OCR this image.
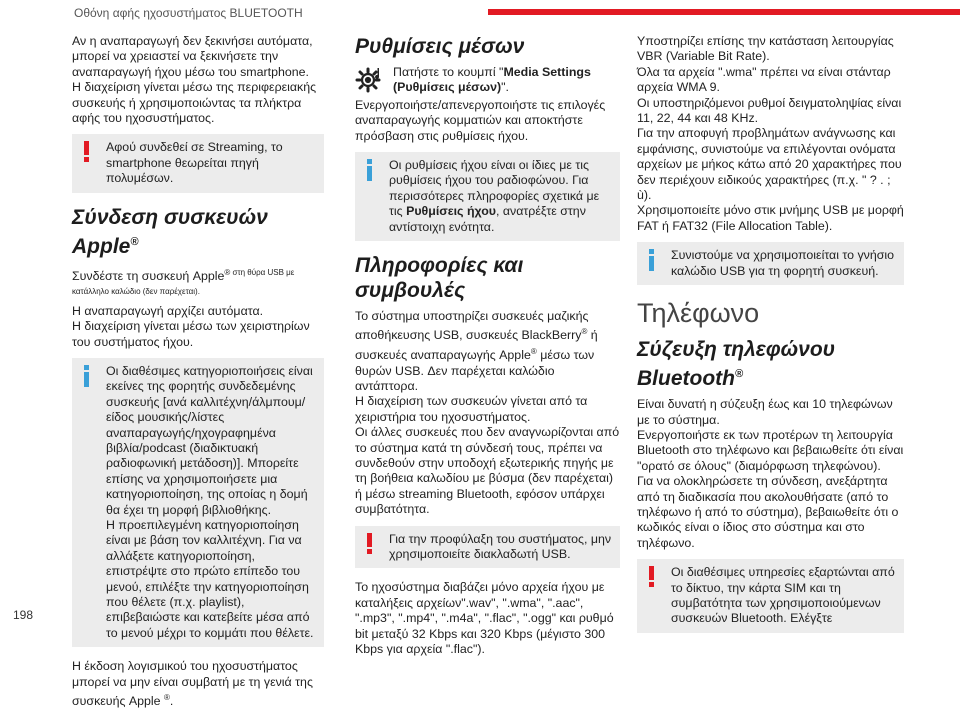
Οθόνη αφής ηχοσυστήματος BLUETOOTH
198

Αν η αναπαραγωγή δεν ξεκινήσει αυτόματα, μπορεί να χρειαστεί να ξεκινήσετε την αναπαραγωγή ήχου μέσω του smartphone.
Η διαχείριση γίνεται μέσω της περιφερειακής συσκευής ή χρησιμοποιώντας τα πλήκτρα αφής του ηχοσυστήματος.

Αφού συνδεθεί σε Streaming, το smartphone θεωρείται πηγή πολυμέσων.
Σύνδεση συσκευών Apple®

Συνδέστε τη συσκευή Apple$^{® \sigma\tau\eta \theta ύ\rho\alpha USB \mu\varepsilon \kappa\alpha\tau ά\lambda\lambda\eta\lambda o \kappa\alpha\lambda ώ\delta\iota o (\delta\varepsilon\nu \pi\alpha\rho έ\chi\varepsilon\tau\alpha\iota).}$
Η αναπαραγωγή αρχίζει αυτόματα.
Η διαχείριση γίνεται μέσω των χειριστηρίων του συστήματος ήχου.

Οι διαθέσιμες κατηγοριοποιήσεις είναι εκείνες της φορητής συνδεδεμένης συσκευής [ανά καλλιτέχνη/άλμπουμ/είδος μουσικής/λίστες αναπαραγωγής/ηχογραφημένα βιβλία/podcast (διαδικτυακή ραδιοφωνική μετάδοση)]. Μπορείτε επίσης να χρησιμοποιήσετε μια κατηγοριοποίηση, της οποίας η δομή θα έχει τη μορφή βιβλιοθήκης.
Η προεπιλεγμένη κατηγοριοποίηση είναι με βάση τον καλλιτέχνη. Για να αλλάξετε κατηγοριοποίηση, επιστρέψτε στο πρώτο επίπεδο του μενού, επιλέξτε την κατηγοριοποίηση που θέλετε (π.χ. playlist), επιβεβαιώστε και κατεβείτε μέσα από το μενού μέχρι το κομμάτι που θέλετε.

Η έκδοση λογισμικού του ηχοσυστήματος μπορεί να μην είναι συμβατή με τη γενιά της συσκευής Apple ®.

Ρυθμίσεις μέσων
Πατήστε το κουμπί "Media Settings (Ρυθμίσεις μέσων)".

Ενεργοποιήστε/απενεργοποιήστε τις επιλογές αναπαραγωγής κομματιών και αποκτήστε πρόσβαση στις ρυθμίσεις ήχου.

Οι ρυθμίσεις ήχου είναι οι ίδιες με τις ρυθμίσεις ήχου του ραδιοφώνου. Για περισσότερες πληροφορίες σχετικά με τις Ρυθμίσεις ήχου, ανατρέξτε στην αντίστοιχη ενότητα.
Πληροφορίες και συμβουλές

Το σύστημα υποστηρίζει συσκευές μαζικής αποθήκευσης USB, συσκευές BlackBerry® ή συσκευές αναπαραγωγής Apple® μέσω των θυρών USB. Δεν παρέχεται καλώδιο αντάπτορα.
Η διαχείριση των συσκευών γίνεται από τα χειριστήρια του ηχοσυστήματος.
Οι άλλες συσκευές που δεν αναγνωρίζονται από το σύστημα κατά τη σύνδεσή τους, πρέπει να συνδεθούν στην υποδοχή εξωτερικής πηγής με τη βοήθεια καλωδίου με βύσμα (δεν παρέχεται) ή μέσω streaming Bluetooth, εφόσον υπάρχει συμβατότητα.

Για την προφύλαξη του συστήματος, μην χρησιμοποιείτε διακλαδωτή USB.

Το ηχοσύστημα διαβάζει μόνο αρχεία ήχου με καταλήξεις αρχείων".wav", ".wma", ".aac", ".mp3", ".mp4", ".m4a", ".flac", ".ogg" και ρυθμό bit μεταξύ 32 Kbps και 320 Kbps (μέγιστο 300 Kbps για αρχεία ".flac").

Υποστηρίζει επίσης την κατάσταση λειτουργίας VBR (Variable Bit Rate).
Όλα τα αρχεία ".wma" πρέπει να είναι στάνταρ αρχεία WMA 9.
Οι υποστηριζόμενοι ρυθμοί δειγματοληψίας είναι 11, 22, 44 και 48 KHz.
Για την αποφυγή προβλημάτων ανάγνωσης και εμφάνισης, συνιστούμε να επιλέγονται ονόματα αρχείων με μήκος κάτω από 20 χαρακτήρες που δεν περιέχουν ειδικούς χαρακτήρες (π.χ. " ? . ; ù).
Χρησιμοποιείτε μόνο στικ μνήμης USB με μορφή FAT ή FAT32 (File Allocation Table).

Συνιστούμε να χρησιμοποιείται το γνήσιο καλώδιο USB για τη φορητή συσκευή.
Τηλέφωνο
Σύζευξη τηλεφώνου Bluetooth®

Είναι δυνατή η σύζευξη έως και 10 τηλεφώνων με το σύστημα.
Ενεργοποιήστε εκ των προτέρων τη λειτουργία Bluetooth στο τηλέφωνο και βεβαιωθείτε ότι είναι "ορατό σε όλους" (διαμόρφωση τηλεφώνου).
Για να ολοκληρώσετε τη σύνδεση, ανεξάρτητα από τη διαδικασία που ακολουθήσατε (από το τηλέφωνο ή από το σύστημα), βεβαιωθείτε ότι ο κωδικός είναι ο ίδιος στο σύστημα και στο τηλέφωνο.

Οι διαθέσιμες υπηρεσίες εξαρτώνται από το δίκτυο, την κάρτα SIM και τη συμβατότητα των χρησιμοποιούμενων συσκευών Bluetooth. Ελέγξτε
